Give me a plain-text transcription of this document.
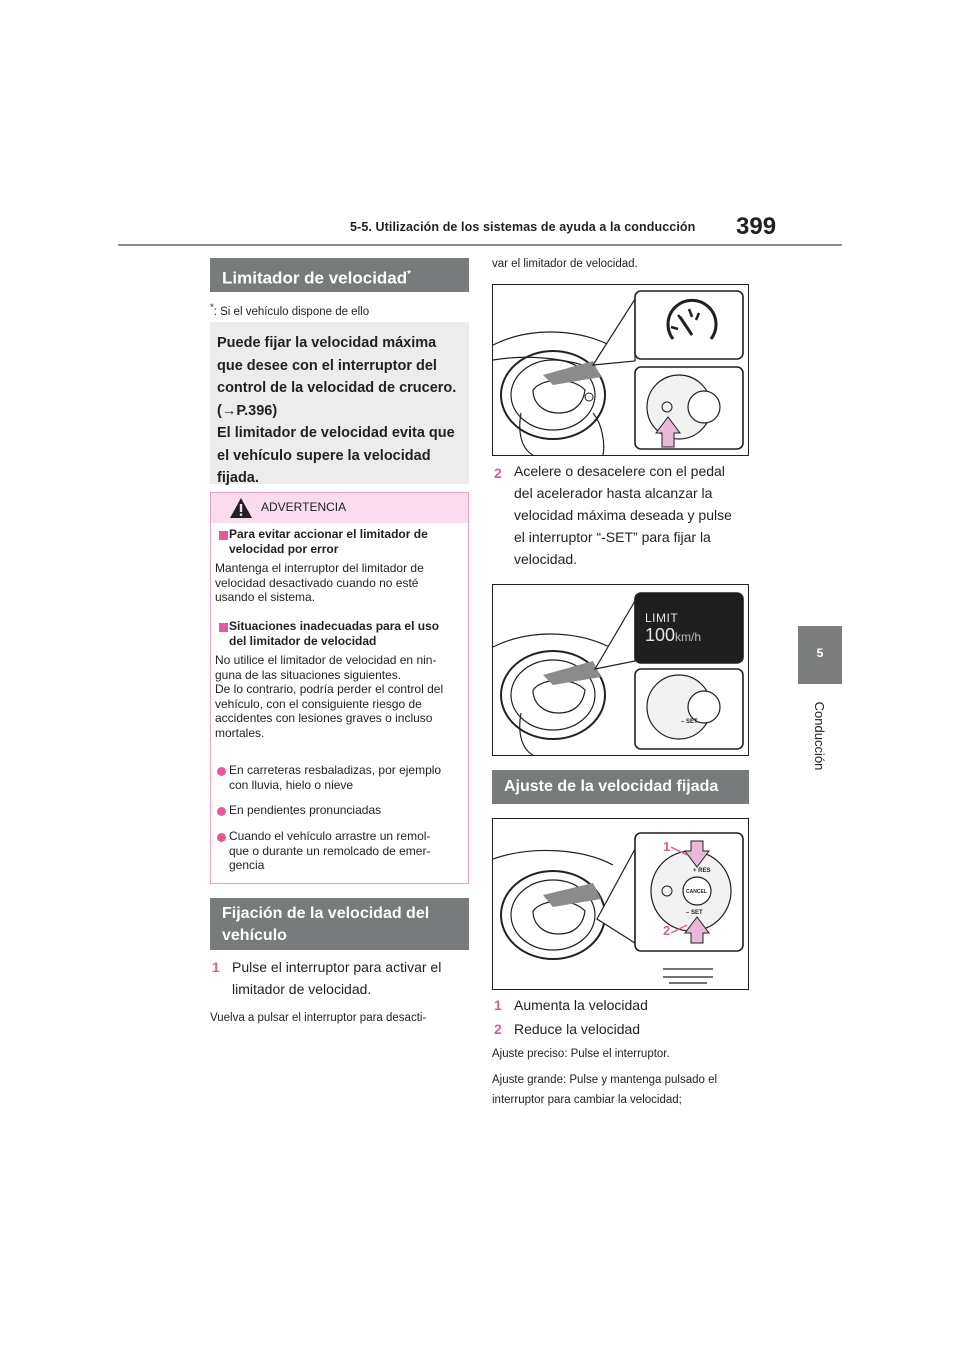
5-5. Utilización de los sistemas de ayuda a la conducción 399
5
Conducción
Limitador de velocidad*
*: Si el vehículo dispone de ello
Puede fijar la velocidad máxima
que desee con el interruptor del
control de la velocidad de crucero.
(→P.396)
El limitador de velocidad evita que
el vehículo supere la velocidad
fijada.
ADVERTENCIA
Para evitar accionar el limitador de
velocidad por error
Mantenga el interruptor del limitador de
velocidad desactivado cuando no esté
usando el sistema.
Situaciones inadecuadas para el uso
del limitador de velocidad
No utilice el limitador de velocidad en nin-
guna de las situaciones siguientes.
De lo contrario, podría perder el control del
vehículo, con el consiguiente riesgo de
accidentes con lesiones graves o incluso
mortales.
En carreteras resbaladizas, por ejemplo
con lluvia, hielo o nieve
En pendientes pronunciadas
Cuando el vehículo arrastre un remol-
que o durante un remolcado de emer-
gencia
Fijación de la velocidad del
vehículo
1 Pulse el interruptor para activar el
limitador de velocidad.
Vuelva a pulsar el interruptor para desacti-
var el limitador de velocidad.
2 Acelere o desacelere con el pedal
del acelerador hasta alcanzar la
velocidad máxima deseada y pulse
el interruptor “-SET” para fijar la
velocidad.
LIMIT
100km/h
– SET
Ajuste de la velocidad fijada
+ RES
CANCEL
– SET
1
2
1 Aumenta la velocidad
2 Reduce la velocidad
Ajuste preciso: Pulse el interruptor.
Ajuste grande: Pulse y mantenga pulsado el
interruptor para cambiar la velocidad;
